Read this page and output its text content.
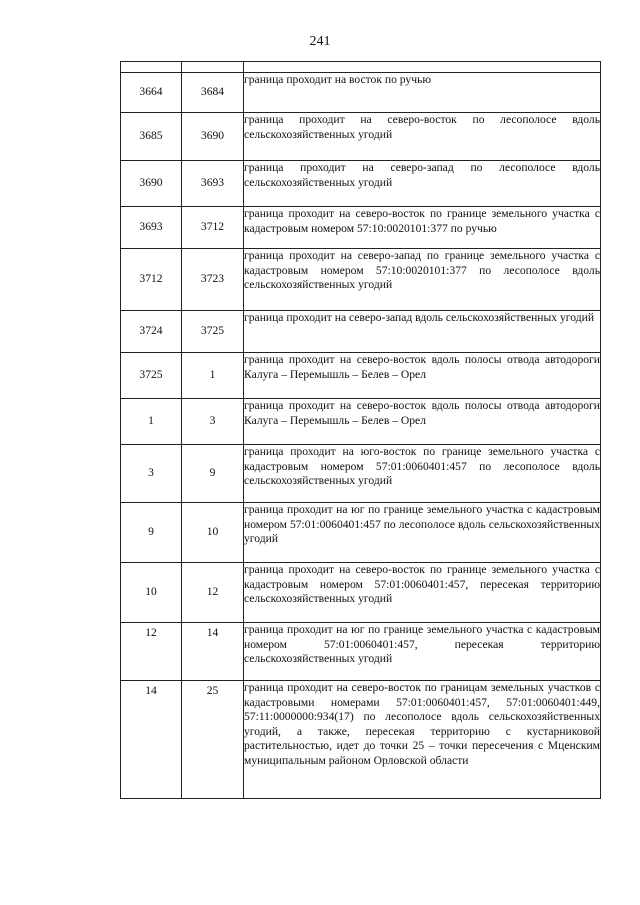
241

3664	3684	граница проходит на восток по ручью
3685	3690	граница проходит на северо-восток по лесополосе вдоль сельскохозяйственных угодий
3690	3693	граница проходит на северо-запад по лесополосе вдоль сельскохозяйственных угодий
3693	3712	граница проходит на северо-восток по границе земельного участка с кадастровым номером 57:10:0020101:377 по ручью
3712	3723	граница проходит на северо-запад по границе земельного участка с кадастровым номером 57:10:0020101:377 по лесополосе вдоль сельскохозяйственных угодий
3724	3725	граница проходит на северо-запад вдоль сельскохозяйственных угодий
3725	1	граница проходит на северо-восток вдоль полосы отвода автодороги Калуга – Перемышль – Белев – Орел
1	3	граница проходит на северо-восток вдоль полосы отвода автодороги Калуга – Перемышль – Белев – Орел
3	9	граница проходит на юго-восток по границе земельного участка с кадастровым номером 57:01:0060401:457 по лесополосе вдоль сельскохозяйственных угодий
9	10	граница проходит на юг по границе земельного участка с кадастровым номером 57:01:0060401:457 по лесополосе вдоль сельскохозяйственных угодий
10	12	граница проходит на северо-восток по границе земельного участка с кадастровым номером 57:01:0060401:457, пересекая территорию сельскохозяйственных угодий
12	14	граница проходит на юг по границе земельного участка с кадастровым номером 57:01:0060401:457, пересекая территорию сельскохозяйственных угодий
14	25	граница проходит на северо-восток по границам земельных участков с кадастровыми номерами 57:01:0060401:457, 57:01:0060401:449, 57:11:0000000:934(17) по лесополосе вдоль сельскохозяйственных угодий, а также, пересекая территорию с кустарниковой растительностью, идет до точки 25 – точки пересечения с Мценским муниципальным районом Орловской области
